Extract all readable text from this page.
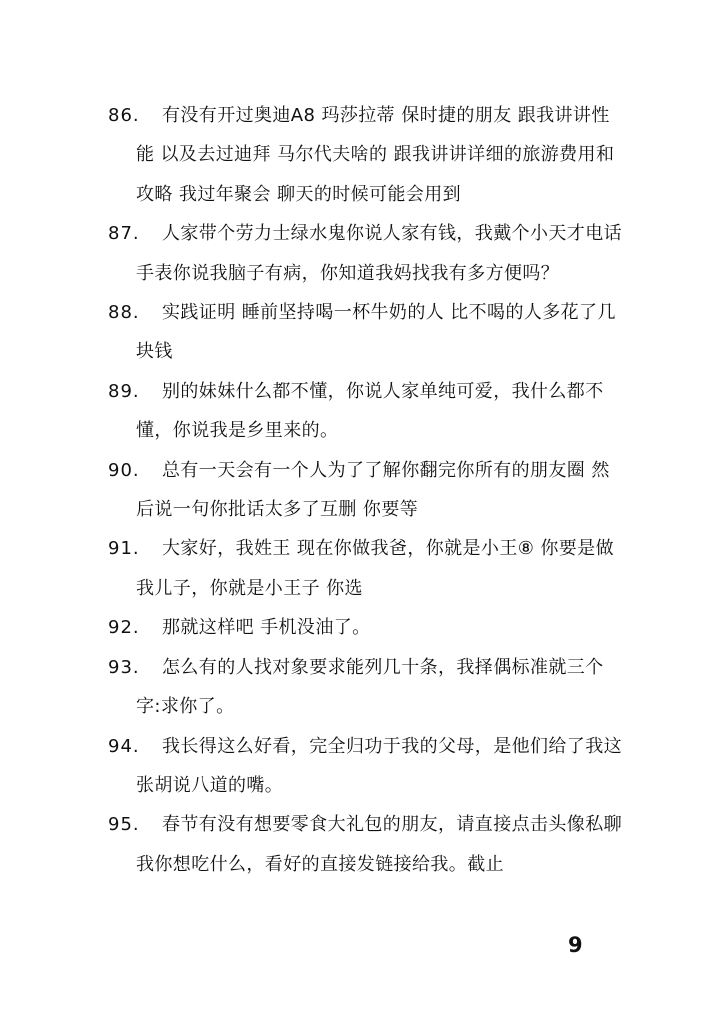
86.	有没有开过奥迪A8 玛莎拉蒂 保时捷的朋友 跟我讲讲性能 以及去过迪拜 马尔代夫啥的 跟我讲讲详细的旅游费用和攻略 我过年聚会 聊天的时候可能会用到
87.	人家带个劳力士绿水鬼你说人家有钱，我戴个小天才电话手表你说我脑子有病，你知道我妈找我有多方便吗？
88.	实践证明 睡前坚持喝一杯牛奶的人 比不喝的人多花了几块钱
89.	别的妹妹什么都不懂，你说人家单纯可爱，我什么都不懂，你说我是乡里来的。
90.	总有一天会有一个人为了了解你翻完你所有的朋友圈 然后说一句你批话太多了互删 你要等
91.	大家好，我姓王 现在你做我爸，你就是小王⑧ 你要是做我儿子，你就是小王子 你选
92.	那就这样吧 手机没油了。
93.	怎么有的人找对象要求能列几十条，我择偶标准就三个字:求你了。
94.	我长得这么好看，完全归功于我的父母，是他们给了我这张胡说八道的嘴。
95.	春节有没有想要零食大礼包的朋友，请直接点击头像私聊我你想吃什么，看好的直接发链接给我。截止
9
